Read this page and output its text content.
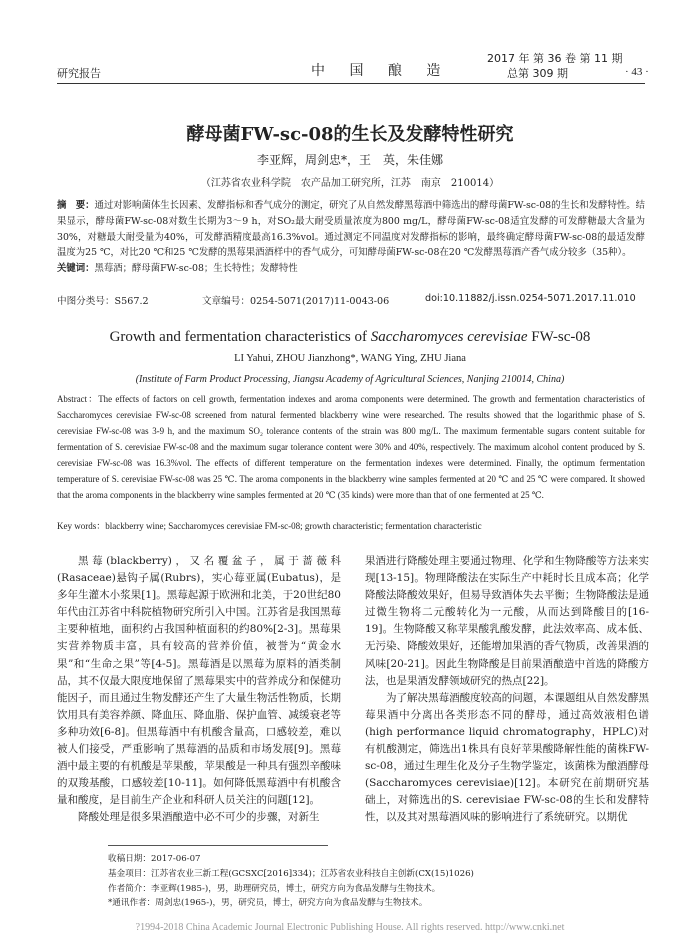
研究报告	中 国 酿 造
2017 年 第 36 卷 第 11 期
总第 309 期	· 43 ·
酵母菌FW-sc-08的生长及发酵特性研究
李亚辉，周剑忠*，王　英，朱佳娜
（江苏省农业科学院　农产品加工研究所，江苏　南京　210014）
摘　要：通过对影响菌体生长因素、发酵指标和香气成分的测定，研究了从自然发酵黑莓酒中筛选出的酵母菌FW-sc-08的生长和发酵特性。结果显示，酵母菌FW-sc-08对数生长期为3～9 h，对SO₂最大耐受质量浓度为800 mg/L，酵母菌FW-sc-08适宜发酵的可发酵糖最大含量为30%，对糖最大耐受量为40%，可发酵酒精度最高16.3%vol。通过测定不同温度对发酵指标的影响，最终确定酵母菌FW-sc-08的最适发酵温度为25 ℃，对比20 ℃和25 ℃发酵的黑莓果酒酒样中的香气成分，可知酵母菌FW-sc-08在20 ℃发酵黑莓酒产香气成分较多（35种）。
关键词：黑莓酒；酵母菌FW-sc-08；生长特性；发酵特性
中图分类号：S567.2	文章编号：0254-5071(2017)11-0043-06	doi:10.11882/j.issn.0254-5071.2017.11.010
Growth and fermentation characteristics of Saccharomyces cerevisiae FW-sc-08
LI Yahui, ZHOU Jianzhong*, WANG Ying, ZHU Jiana
(Institute of Farm Product Processing, Jiangsu Academy of Agricultural Sciences, Nanjing 210014, China)
Abstract：The effects of factors on cell growth, fermentation indexes and aroma components were determined. The growth and fermentation characteristics of Saccharomyces cerevisiae FW-sc-08 screened from natural fermented blackberry wine were researched. The results showed that the logarithmic phase of S. cerevisiae FW-sc-08 was 3-9 h, and the maximum SO₂ tolerance contents of the strain was 800 mg/L. The maximum fermentable sugars content suitable for fermentation of S. cerevisiae FW-sc-08 and the maximum sugar tolerance content were 30% and 40%, respectively. The maximum alcohol content produced by S. cerevisiae FW-sc-08 was 16.3%vol. The effects of different temperature on the fermentation indexes were determined. Finally, the optimum fermentation temperature of S. cerevisiae FW-sc-08 was 25 ℃. The aroma components in the blackberry wine samples fermented at 20 ℃ and 25 ℃ were compared. It showed that the aroma components in the blackberry wine samples fermented at 20 ℃ (35 kinds) were more than that of one fermented at 25 ℃.
Key words：blackberry wine; Saccharomyces cerevisiae FM-sc-08; growth characteristic; fermentation characteristic

黑莓(blackberry)，又名覆盆子，属于蔷薇科(Rasaceae)悬钩子属(Rubrs)，实心莓亚属(Eubatus)，是多年生灌木小浆果[1]。黑莓起源于欧洲和北美，于20世纪80年代由江苏省中科院植物研究所引入中国。江苏省是我国黑莓主要种植地，面积约占我国种植面积的约80%[2-3]。黑莓果实营养物质丰富，具有较高的营养价值，被誉为“黄金水果”和“生命之果”等[4-5]。黑莓酒是以黑莓为原料的酒类制品，其不仅最大限度地保留了黑莓果实中的营养成分和保健功能因子，而且通过生物发酵还产生了大量生物活性物质，长期饮用具有美容养颜、降血压、降血脂、保护血管、减缓衰老等多种功效[6-8]。但黑莓酒中有机酸含量高，口感较差，难以被人们接受，严重影响了黑莓酒的品质和市场发展[9]。黑莓酒中最主要的有机酸是苹果酸，苹果酸是一种具有强烈辛酸味的双羧基酸，口感较差[10-11]。如何降低黑莓酒中有机酸含量和酸度，是目前生产企业和科研人员关注的问题[12]。

降酸处理是很多果酒酿造中必不可少的步骤，对新生

果酒进行降酸处理主要通过物理、化学和生物降酸等方法来实现[13-15]。物理降酸法在实际生产中耗时长且成本高；化学降酸法降酸效果好，但易导致酒体失去平衡；生物降酸法是通过微生物将二元酸转化为一元酸，从而达到降酸目的[16-19]。生物降酸又称苹果酸乳酸发酵，此法效率高、成本低、无污染、降酸效果好，还能增加果酒的香气物质，改善果酒的风味[20-21]。因此生物降酸是目前果酒酿造中首选的降酸方法，也是果酒发酵领域研究的热点[22]。

为了解决黑莓酒酸度较高的问题，本课题组从自然发酵黑莓果酒中分离出各类形态不同的酵母，通过高效液相色谱(high performance liquid chromatography，HPLC)对有机酸测定，筛选出1株具有良好苹果酸降解性能的菌株FW-sc-08，通过生理生化及分子生物学鉴定，该菌株为酿酒酵母(Saccharomyces cerevisiae)[12]。本研究在前期研究基础上，对筛选出的S. cerevisiae FW-sc-08的生长和发酵特性，以及其对黑莓酒风味的影响进行了系统研究。以期优

收稿日期：2017-06-07
基金项目：江苏省农业三新工程(GCSXC[2016]334)；江苏省农业科技自主创新(CX(15)1026)
作者简介：李亚辉(1985-)，男，助理研究员，博士，研究方向为食品发酵与生物技术。
*通讯作者：周剑忠(1965-)，男，研究员，博士，研究方向为食品发酵与生物技术。
?1994-2018 China Academic Journal Electronic Publishing House. All rights reserved. http://www.cnki.net
